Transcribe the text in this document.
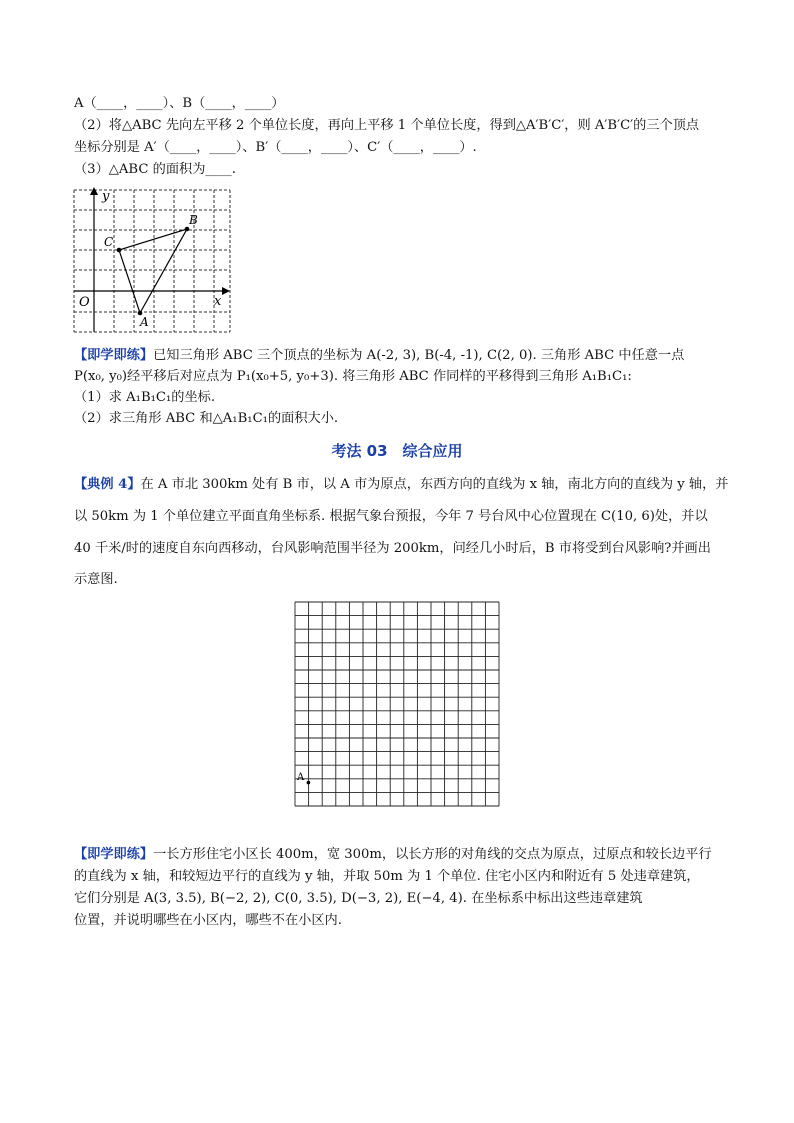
A（____，____）、B（____，____）
（2）将△ABC 先向左平移 2 个单位长度，再向上平移 1 个单位长度，得到△A′B′C′，则 A′B′C′的三个顶点
坐标分别是 A′（____，____）、B′（____，____）、C′（____，____）.
（3）△ABC 的面积为____.
y
x
O
A
B
C
【即学即练】已知三角形 ABC 三个顶点的坐标为 A(-2, 3), B(-4, -1), C(2, 0). 三角形 ABC 中任意一点
P(x₀, y₀)经平移后对应点为 P₁(x₀+5, y₀+3). 将三角形 ABC 作同样的平移得到三角形 A₁B₁C₁:
（1）求 A₁B₁C₁的坐标.
（2）求三角形 ABC 和△A₁B₁C₁的面积大小.
考法 03　综合应用
【典例 4】在 A 市北 300km 处有 B 市，以 A 市为原点，东西方向的直线为 x 轴，南北方向的直线为 y 轴，并
以 50km 为 1 个单位建立平面直角坐标系. 根据气象台预报，今年 7 号台风中心位置现在 C(10, 6)处，并以
40 千米/时的速度自东向西移动，台风影响范围半径为 200km，问经几小时后，B 市将受到台风影响?并画出
示意图.
A
【即学即练】一长方形住宅小区长 400m，宽 300m，以长方形的对角线的交点为原点，过原点和较长边平行
的直线为 x 轴，和较短边平行的直线为 y 轴，并取 50m 为 1 个单位. 住宅小区内和附近有 5 处违章建筑，
它们分别是 A(3, 3.5), B(−2, 2), C(0, 3.5), D(−3, 2), E(−4, 4). 在坐标系中标出这些违章建筑
位置，并说明哪些在小区内，哪些不在小区内.
